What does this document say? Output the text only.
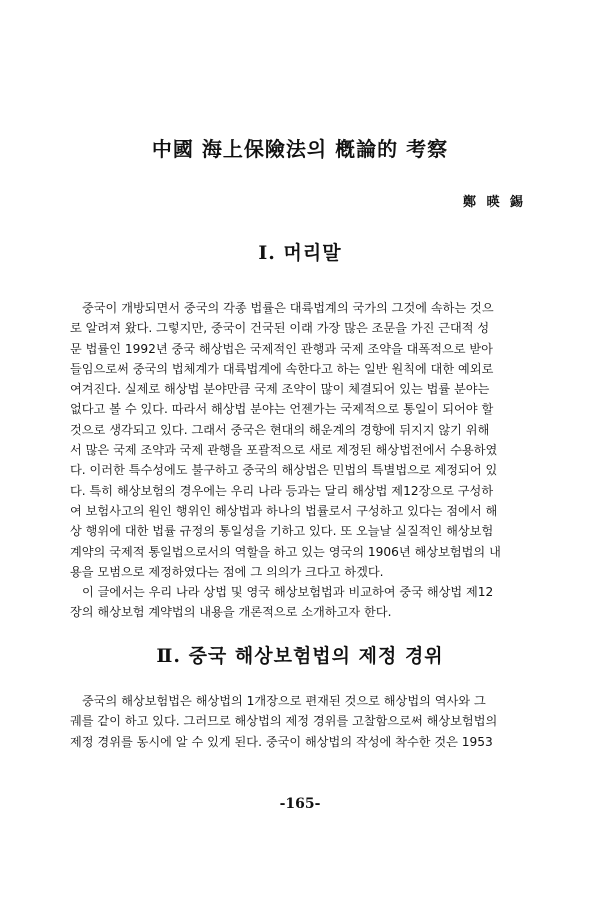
中國 海上保險法의 槪論的 考察
鄭 暎 錫
Ⅰ. 머리말

중국이 개방되면서 중국의 각종 법률은 대륙법계의 국가의 그것에 속하는 것으

로 알려져 왔다. 그렇지만, 중국이 건국된 이래 가장 많은 조문을 가진 근대적 성

문 법률인 1992년 중국 해상법은 국제적인 관행과 국제 조약을 대폭적으로 받아

들임으로써 중국의 법체계가 대륙법계에 속한다고 하는 일반 원칙에 대한 예외로

여겨진다. 실제로 해상법 분야만큼 국제 조약이 많이 체결되어 있는 법률 분야는

없다고 볼 수 있다. 따라서 해상법 분야는 언젠가는 국제적으로 통일이 되어야 할

것으로 생각되고 있다. 그래서 중국은 현대의 해운계의 경향에 뒤지지 않기 위해

서 많은 국제 조약과 국제 관행을 포괄적으로 새로 제정된 해상법전에서 수용하였

다. 이러한 특수성에도 불구하고 중국의 해상법은 민법의 특별법으로 제정되어 있

다. 특히 해상보험의 경우에는 우리 나라 등과는 달리 해상법 제12장으로 구성하

여 보험사고의 원인 행위인 해상법과 하나의 법률로서 구성하고 있다는 점에서 해

상 행위에 대한 법률 규정의 통일성을 기하고 있다. 또 오늘날 실질적인 해상보험

계약의 국제적 통일법으로서의 역할을 하고 있는 영국의 1906년 해상보험법의 내

용을 모범으로 제정하였다는 점에 그 의의가 크다고 하겠다.

이 글에서는 우리 나라 상법 및 영국 해상보험법과 비교하여 중국 해상법 제12

장의 해상보험 계약법의 내용을 개론적으로 소개하고자 한다.

Ⅱ. 중국 해상보험법의 제정 경위

중국의 해상보험법은 해상법의 1개장으로 편재된 것으로 해상법의 역사와 그

궤를 같이 하고 있다. 그러므로 해상법의 제정 경위를 고찰함으로써 해상보험법의

제정 경위를 동시에 알 수 있게 된다. 중국이 해상법의 작성에 착수한 것은 1953

-165-
